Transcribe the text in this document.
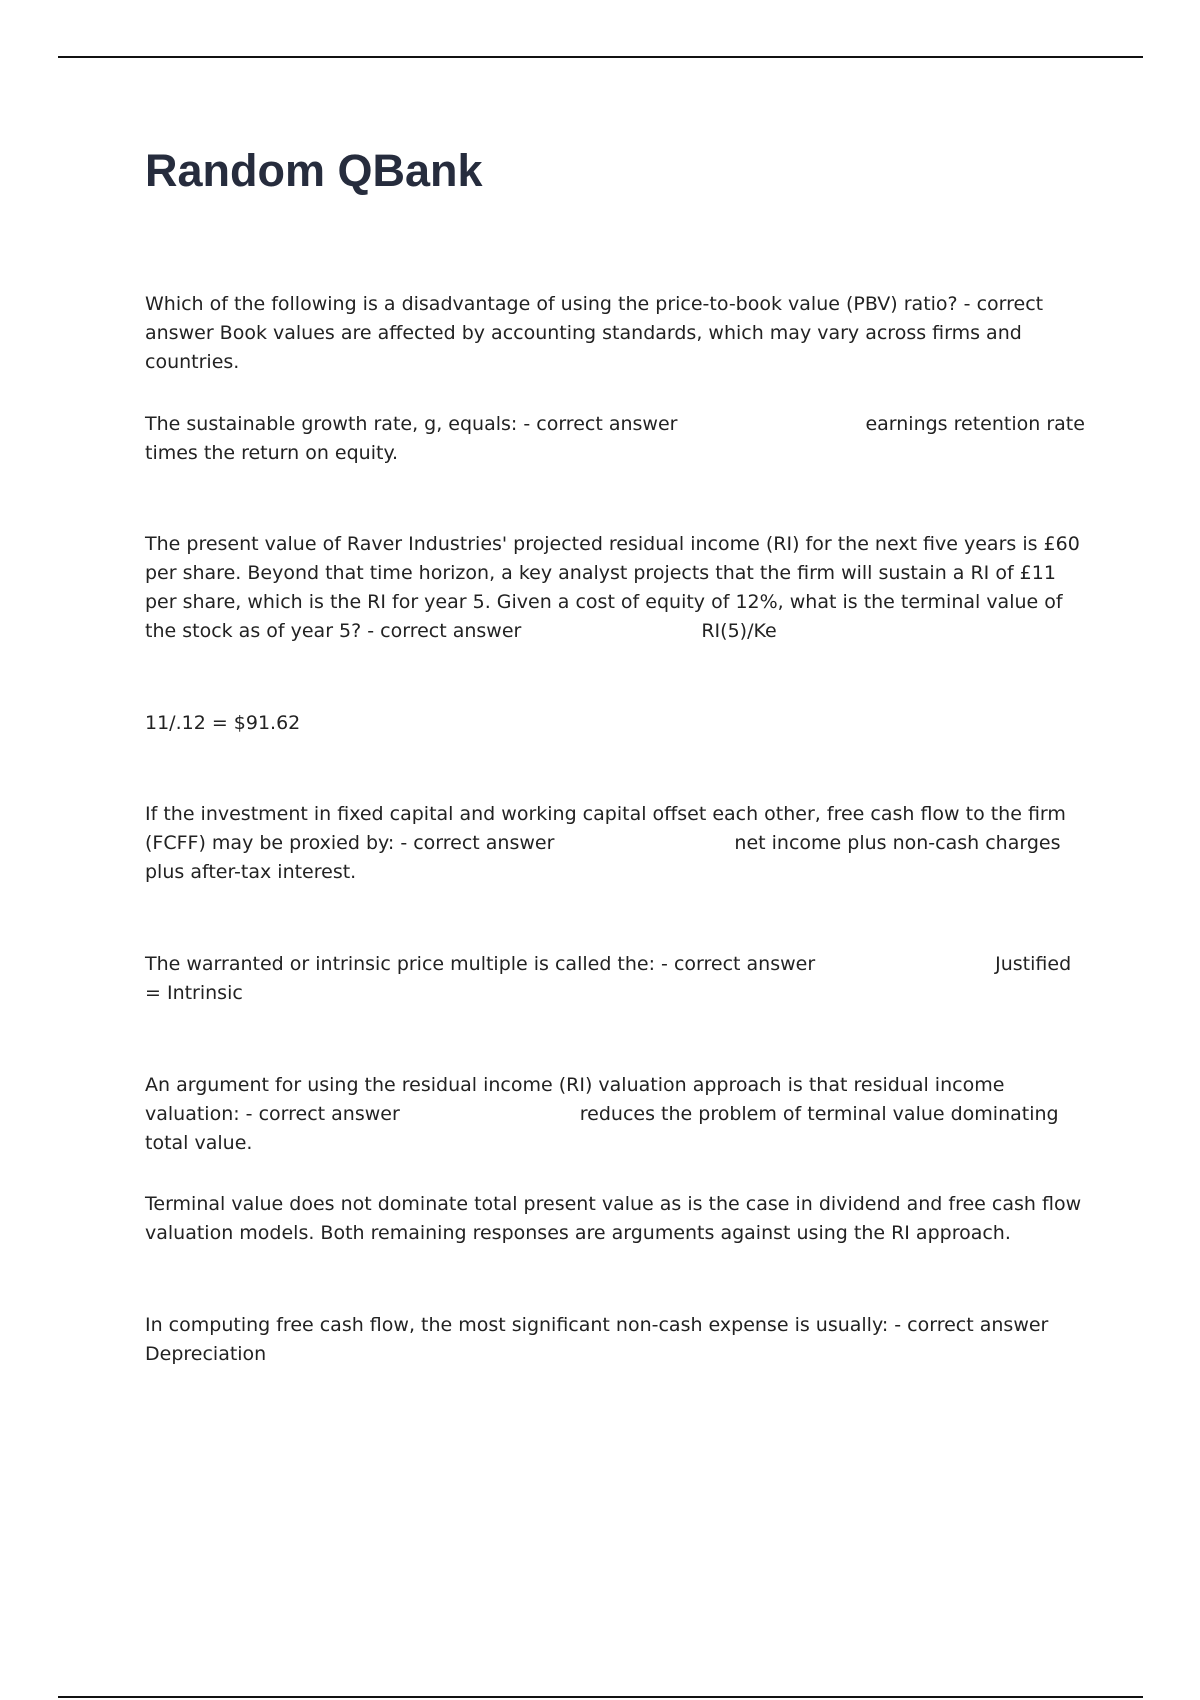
Random QBank

Which of the following is a disadvantage of using the price-to-book value (PBV) ratio? - correct answer Book values are affected by accounting standards, which may vary across firms and countries.

The sustainable growth rate, g, equals: - correct answer	earnings retention rate times the return on equity.

The present value of Raver Industries' projected residual income (RI) for the next five years is £60 per share. Beyond that time horizon, a key analyst projects that the firm will sustain a RI of £11 per share, which is the RI for year 5. Given a cost of equity of 12%, what is the terminal value of the stock as of year 5? - correct answer	RI(5)/Ke

11/.12 = $91.62

If the investment in fixed capital and working capital offset each other, free cash flow to the firm (FCFF) may be proxied by: - correct answer	net income plus non-cash charges plus after-tax interest.

The warranted or intrinsic price multiple is called the: - correct answer	Justified = Intrinsic

An argument for using the residual income (RI) valuation approach is that residual income valuation: - correct answer	reduces the problem of terminal value dominating total value.

Terminal value does not dominate total present value as is the case in dividend and free cash flow valuation models. Both remaining responses are arguments against using the RI approach.

In computing free cash flow, the most significant non-cash expense is usually: - correct answer Depreciation
